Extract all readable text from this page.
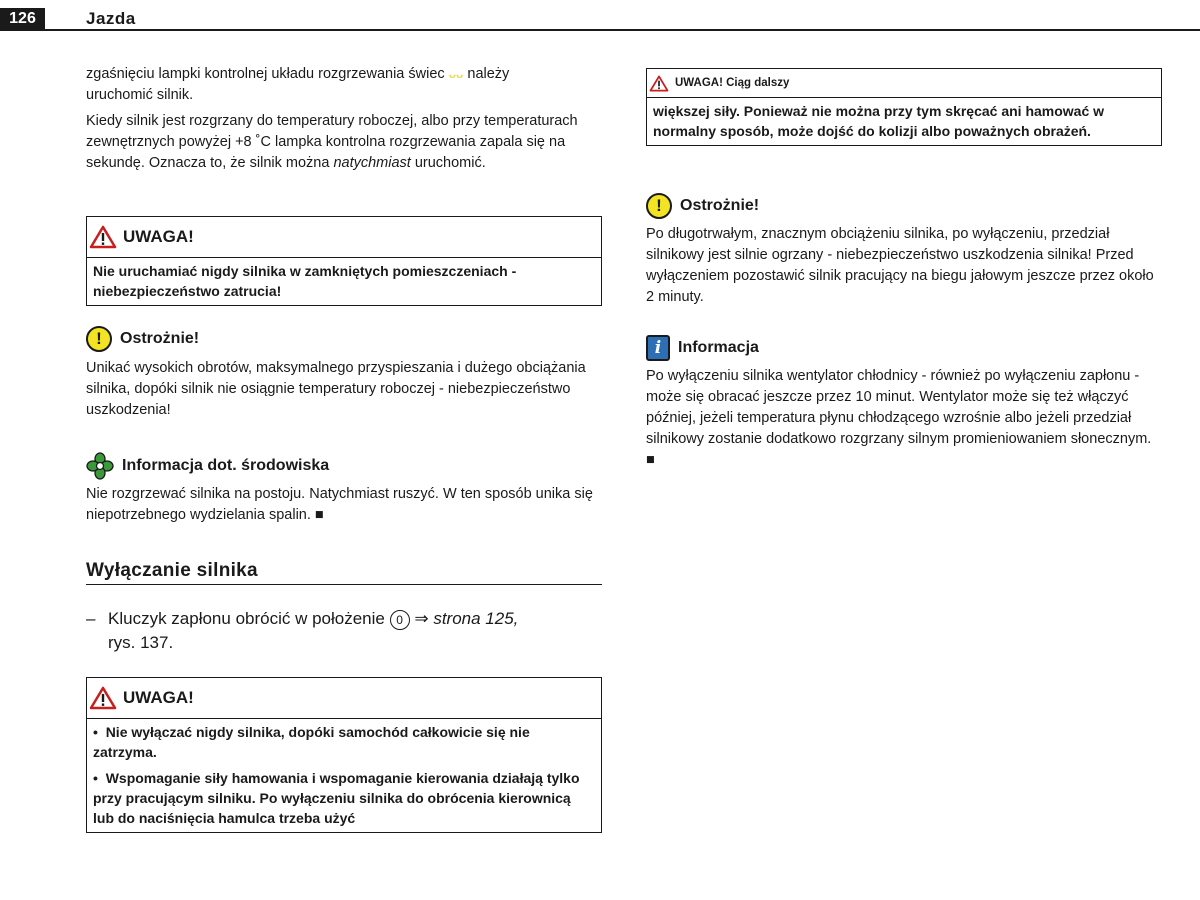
126	Jazda

zgaśnięciu lampki kontrolnej układu rozgrzewania świec ᴗᴗ należy
uruchomić silnik.

Kiedy silnik jest rozgrzany do temperatury roboczej, albo przy temperaturach zewnętrznych powyżej +8 ˚C lampka kontrolna rozgrzewania zapala się na sekundę. Oznacza to, że silnik można natychmiast uruchomić.

UWAGA!
Nie uruchamiać nigdy silnika w zamkniętych pomieszczeniach - niebezpieczeństwo zatrucia!
!	Ostrożnie!

Unikać wysokich obrotów, maksymalnego przyspieszania i dużego obciążania silnika, dopóki silnik nie osiągnie temperatury roboczej - niebezpieczeństwo uszkodzenia!

Informacja dot. środowiska

Nie rozgrzewać silnika na postoju. Natychmiast ruszyć. W ten sposób unika się niepotrzebnego wydzielania spalin. ■

Wyłączanie silnika
– Kluczyk zapłonu obrócić w położenie 0 ⇒ strona 125,
rys. 137.
UWAGA!

•  Nie wyłączać nigdy silnika, dopóki samochód całkowicie się nie zatrzyma.

•  Wspomaganie siły hamowania i wspomaganie kierowania działają tylko przy pracującym silniku. Po wyłączeniu silnika do obrócenia kierownicą lub do naciśnięcia hamulca trzeba użyć

UWAGA! Ciąg dalszy
większej siły. Ponieważ nie można przy tym skręcać ani hamować w normalny sposób, może dojść do kolizji albo poważnych obrażeń.
!	Ostrożnie!

Po długotrwałym, znacznym obciążeniu silnika, po wyłączeniu, przedział silnikowy jest silnie ogrzany - niebezpieczeństwo uszkodzenia silnika! Przed wyłączeniem pozostawić silnik pracujący na biegu jałowym jeszcze przez około 2 minuty.

i	Informacja

Po wyłączeniu silnika wentylator chłodnicy - również po wyłączeniu zapłonu - może się obracać jeszcze przez 10 minut. Wentylator może się też włączyć później, jeżeli temperatura płynu chłodzącego wzrośnie albo jeżeli przedział silnikowy zostanie dodatkowo rozgrzany silnym promieniowaniem słonecznym. ■
